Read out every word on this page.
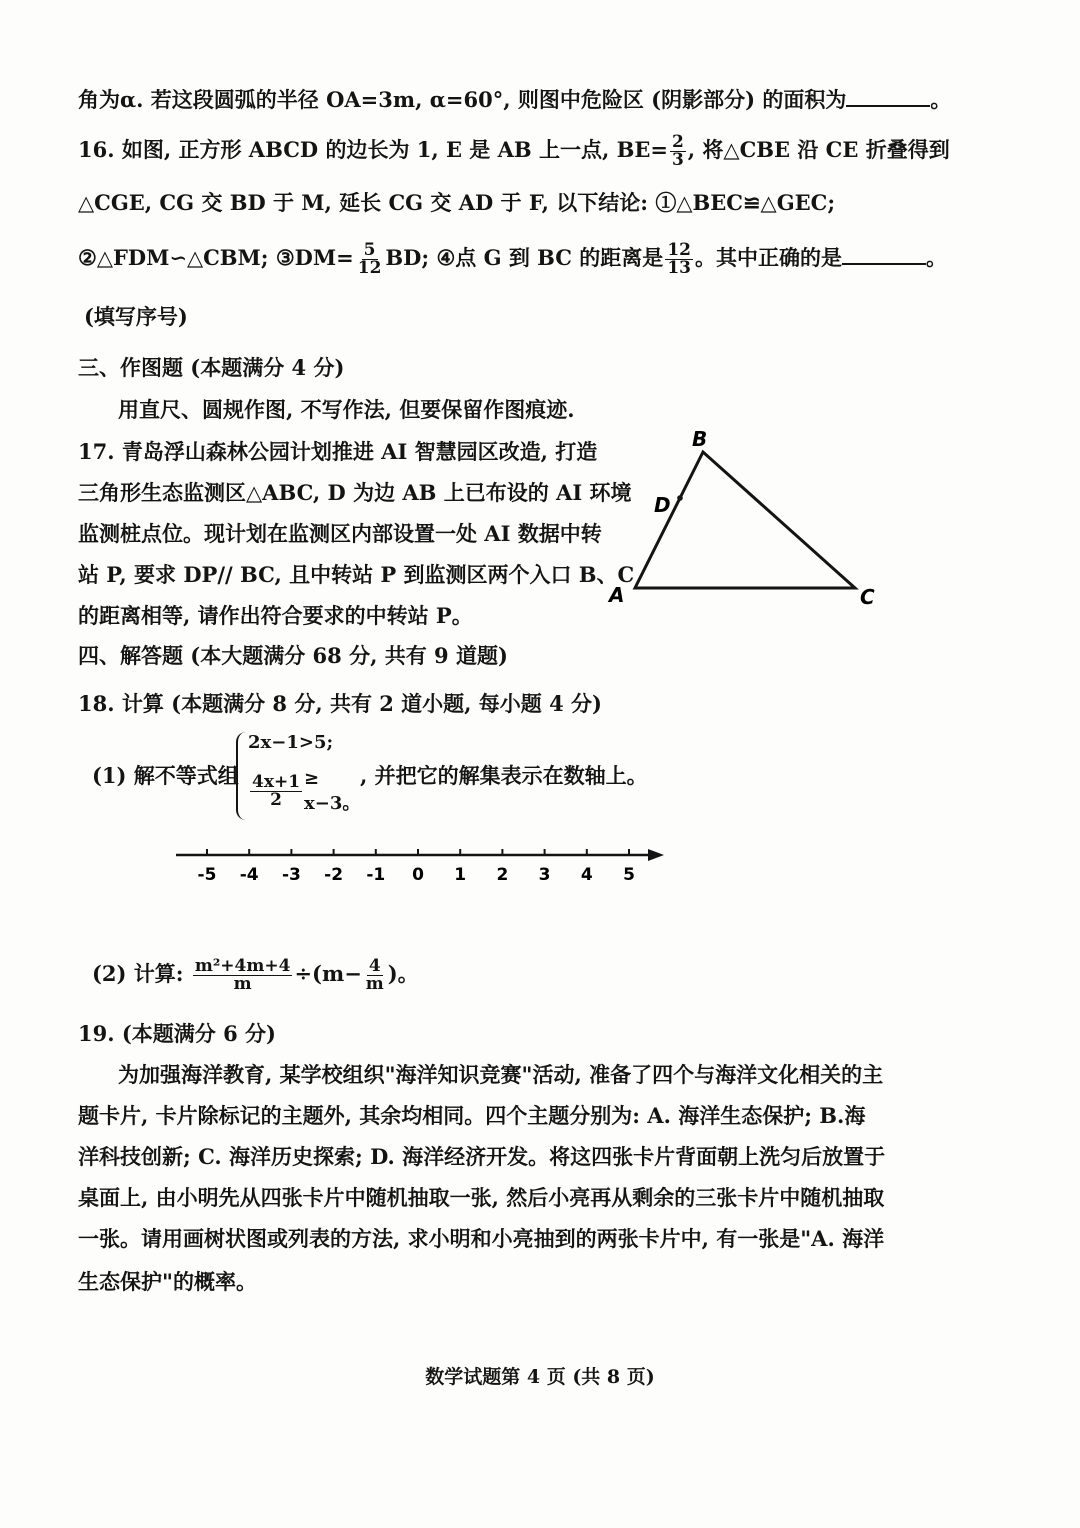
角为α. 若这段圆弧的半径 OA=3m, α=60°, 则图中危险区 (阴影部分) 的面积为	。
16. 如图, 正方形 ABCD 的边长为 1, E 是 AB 上一点, $BE= \frac{2}{3}$ , 将△CBE 沿 CE 折叠得到
△CGE, CG 交 BD 于 M, 延长 CG 交 AD 于 F, 以下结论: ①△BEC≌△GEC;
②△FDM∽△CBM; ③DM= $\frac{5}{12}$ BD; ④点 G 到 BC 的距离是 $\frac{12}{13}$ 。其中正确的是	。
(填写序号)
三、作图题 (本题满分 4 分)
用直尺、圆规作图, 不写作法, 但要保留作图痕迹.
17. 青岛浮山森林公园计划推进 AI 智慧园区改造, 打造
三角形生态监测区△ABC, D 为边 AB 上已布设的 AI 环境
监测桩点位。现计划在监测区内部设置一处 AI 数据中转
站 P, 要求 DP// BC, 且中转站 P 到监测区两个入口 B、C
的距离相等, 请作出符合要求的中转站 P。
B
D
A	C
四、解答题 (本大题满分 68 分, 共有 9 道题)
18. 计算 (本题满分 8 分, 共有 2 道小题, 每小题 4 分)
(1) 解不等式组
2x−1>5;
$\frac{4x+1}{2} \ge x-3$。
, 并把它的解集表示在数轴上。
-5 -4 -3 -2 -1 0 1 2 3 4 5
(2) 计算: $\frac{\text{m²+4m+4}}{m} \div(m- \frac{4}{m}$ )。
19. (本题满分 6 分)
为加强海洋教育, 某学校组织"海洋知识竞赛"活动, 准备了四个与海洋文化相关的主
题卡片, 卡片除标记的主题外, 其余均相同。四个主题分别为: A. 海洋生态保护; B.海
洋科技创新; C. 海洋历史探索; D. 海洋经济开发。将这四张卡片背面朝上洗匀后放置于
桌面上, 由小明先从四张卡片中随机抽取一张, 然后小亮再从剩余的三张卡片中随机抽取
一张。请用画树状图或列表的方法, 求小明和小亮抽到的两张卡片中, 有一张是"A. 海洋
生态保护"的概率。
数学试题第 4 页 (共 8 页)
